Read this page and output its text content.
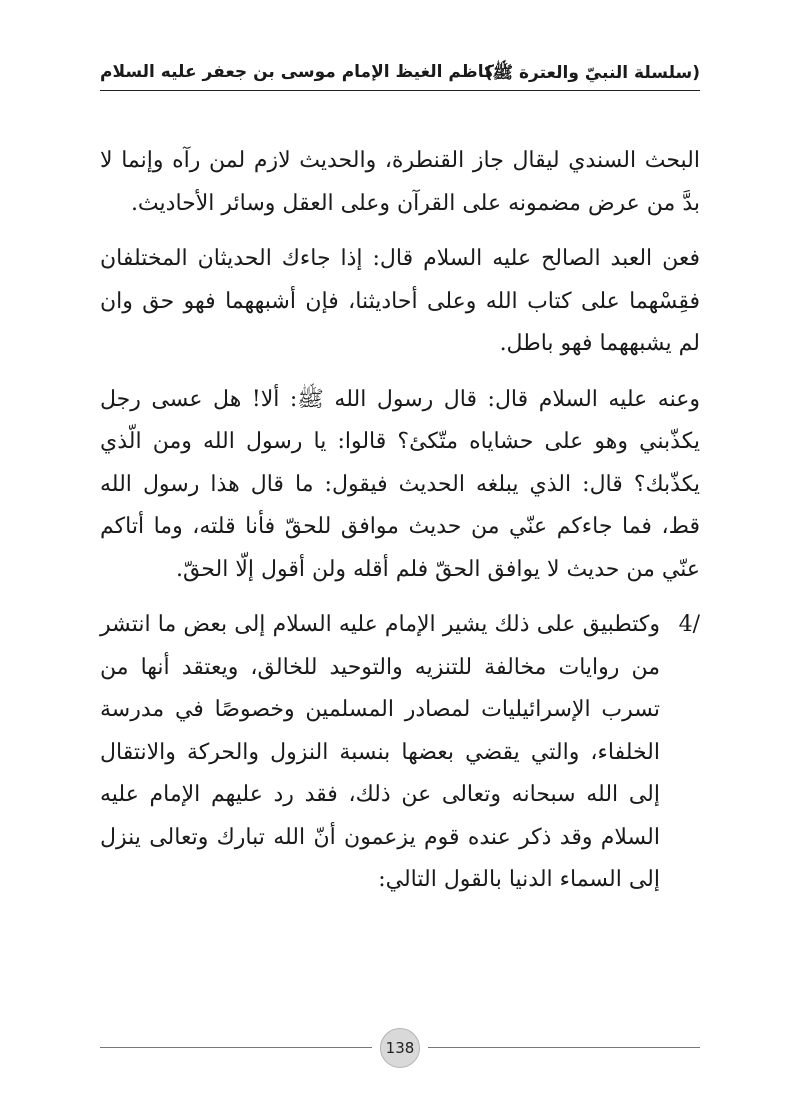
(سلسلة النبيّ والعترة ﷺ)
كاظم الغيظ الإمام موسى بن جعفر عليه السلام

البحث السندي ليقال جاز القنطرة، والحديث لازم لمن رآه وإنما لا بدَّ من عرض مضمونه على القرآن وعلى العقل وسائر الأحاديث.

فعن العبد الصالح عليه السلام قال: إذا جاءك الحديثان المختلفان فقِسْهما على كتاب الله وعلى أحاديثنا، فإن أشبههما فهو حق وان لم يشبههما فهو باطل.

وعنه عليه السلام قال: قال رسول الله ﷺ: ألا! هل عسى رجل يكذّبني وهو على حشاياه متّكئ؟ قالوا: يا رسول الله ومن الّذي يكذّبك؟ قال: الذي يبلغه الحديث فيقول: ما قال هذا رسول الله قط، فما جاءكم عنّي من حديث موافق للحقّ فأنا قلته، وما أتاكم عنّي من حديث لا يوافق الحقّ فلم أقله ولن أقول إلّا الحقّ.

4/
وكتطبيق على ذلك يشير الإمام عليه السلام إلى بعض ما انتشر من روايات مخالفة للتنزيه والتوحيد للخالق، ويعتقد أنها من تسرب الإسرائيليات لمصادر المسلمين وخصوصًا في مدرسة الخلفاء، والتي يقضي بعضها بنسبة النزول والحركة والانتقال إلى الله سبحانه وتعالى عن ذلك، فقد رد عليهم الإمام عليه السلام وقد ذكر عنده قوم يزعمون أنّ الله تبارك وتعالى ينزل إلى السماء الدنيا بالقول التالي:
138
